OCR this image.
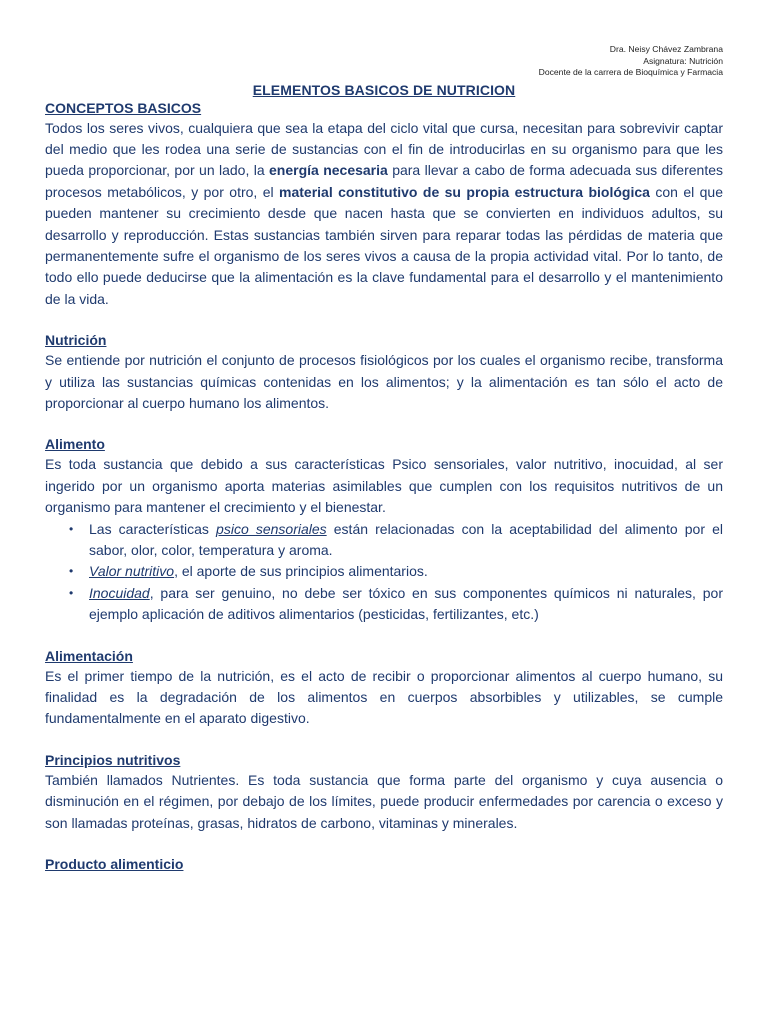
Dra. Neisy Chávez Zambrana
Asignatura: Nutrición
Docente de la carrera de Bioquímica y Farmacia
ELEMENTOS BASICOS DE NUTRICION
CONCEPTOS BASICOS

Todos los seres vivos, cualquiera que sea la etapa del ciclo vital que cursa, necesitan para sobrevivir captar del medio que les rodea una serie de sustancias con el fin de introducirlas en su organismo para que les pueda proporcionar, por un lado, la energía necesaria para llevar a cabo de forma adecuada sus diferentes procesos metabólicos, y por otro, el material constitutivo de su propia estructura biológica con el que pueden mantener su crecimiento desde que nacen hasta que se convierten en individuos adultos, su desarrollo y reproducción. Estas sustancias también sirven para reparar todas las pérdidas de materia que permanentemente sufre el organismo de los seres vivos a causa de la propia actividad vital. Por lo tanto, de todo ello puede deducirse que la alimentación es la clave fundamental para el desarrollo y el mantenimiento de la vida.

Nutrición

Se entiende por nutrición el conjunto de procesos fisiológicos por los cuales el organismo recibe, transforma y utiliza las sustancias químicas contenidas en los alimentos; y la alimentación es tan sólo el acto de proporcionar al cuerpo humano los alimentos.

Alimento

Es toda sustancia que debido a sus características Psico sensoriales, valor nutritivo, inocuidad, al ser ingerido por un organismo aporta materias asimilables que cumplen con los requisitos nutritivos de un organismo para mantener el crecimiento y el bienestar.

• Las características psico sensoriales están relacionadas con la aceptabilidad del alimento por el sabor, olor, color, temperatura y aroma.
• Valor nutritivo, el aporte de sus principios alimentarios.
• Inocuidad, para ser genuino, no debe ser tóxico en sus componentes químicos ni naturales, por ejemplo aplicación de aditivos alimentarios (pesticidas, fertilizantes, etc.)
Alimentación

Es el primer tiempo de la nutrición, es el acto de recibir o proporcionar alimentos al cuerpo humano, su finalidad es la degradación de los alimentos en cuerpos absorbibles y utilizables, se cumple fundamentalmente en el aparato digestivo.

Principios nutritivos

También llamados Nutrientes. Es toda sustancia que forma parte del organismo y cuya ausencia o disminución en el régimen, por debajo de los límites, puede producir enfermedades por carencia o exceso y son llamadas proteínas, grasas, hidratos de carbono, vitaminas y minerales.

Producto alimenticio
